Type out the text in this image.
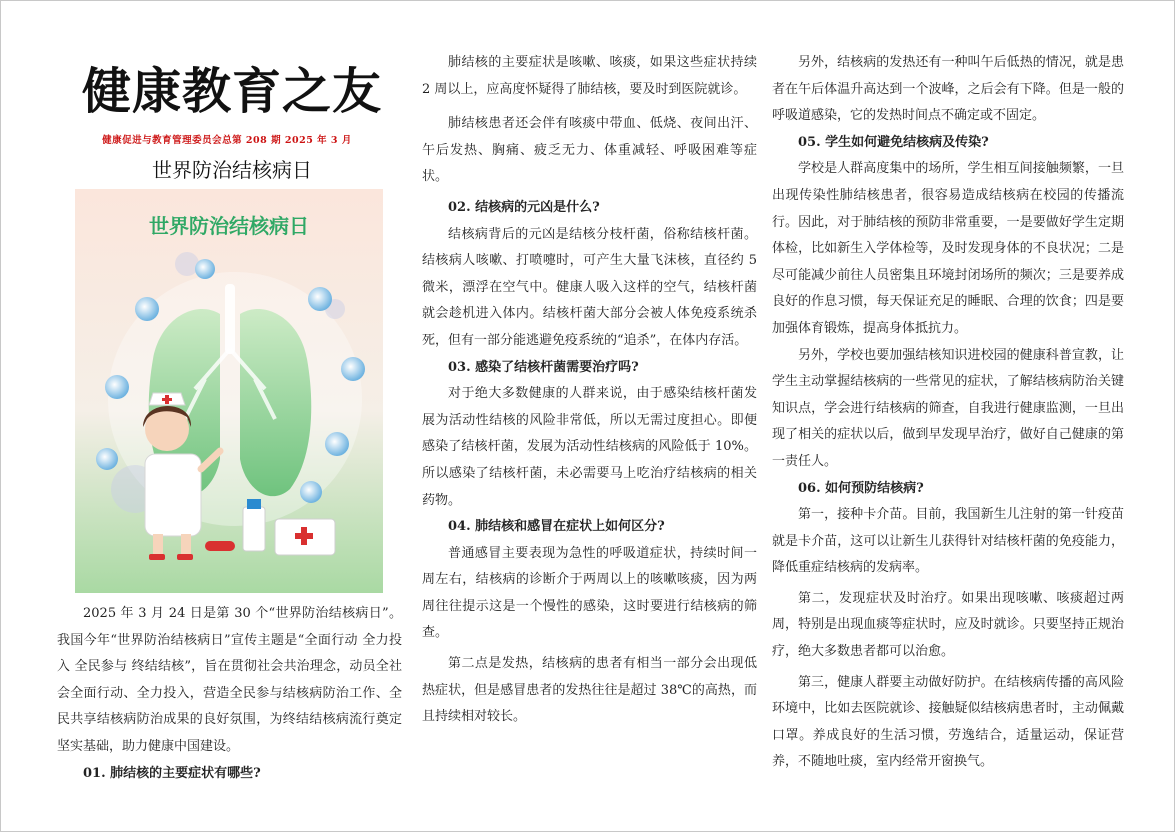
健康教育之友
健康促进与教育管理委员会总第 208 期 2025 年 3 月
世界防治结核病日
世界防治结核病日

2025 年 3 月 24 日是第 30 个“世界防治结核病日”。我国今年“世界防治结核病日”宣传主题是“全面行动 全力投入 全民参与 终结结核”，旨在贯彻社会共治理念，动员全社会全面行动、全力投入，营造全民参与结核病防治工作、全民共享结核病防治成果的良好氛围，为终结结核病流行奠定坚实基础，助力健康中国建设。

01. 肺结核的主要症状有哪些?

肺结核的主要症状是咳嗽、咳痰，如果这些症状持续 2 周以上，应高度怀疑得了肺结核，要及时到医院就诊。

肺结核患者还会伴有咳痰中带血、低烧、夜间出汗、午后发热、胸痛、疲乏无力、体重减轻、呼吸困难等症状。

02. 结核病的元凶是什么?

结核病背后的元凶是结核分枝杆菌，俗称结核杆菌。结核病人咳嗽、打喷嚏时，可产生大量飞沫核，直径约 5 微米，漂浮在空气中。健康人吸入这样的空气，结核杆菌就会趁机进入体内。结核杆菌大部分会被人体免疫系统杀死，但有一部分能逃避免疫系统的“追杀”，在体内存活。

03. 感染了结核杆菌需要治疗吗?

对于绝大多数健康的人群来说，由于感染结核杆菌发展为活动性结核的风险非常低，所以无需过度担心。即便感染了结核杆菌，发展为活动性结核病的风险低于 10%。所以感染了结核杆菌，未必需要马上吃治疗结核病的相关药物。

04. 肺结核和感冒在症状上如何区分?

普通感冒主要表现为急性的呼吸道症状，持续时间一周左右，结核病的诊断介于两周以上的咳嗽咳痰，因为两周往往提示这是一个慢性的感染，这时要进行结核病的筛查。

第二点是发热，结核病的患者有相当一部分会出现低热症状，但是感冒患者的发热往往是超过 38℃的高热，而且持续相对较长。

另外，结核病的发热还有一种叫午后低热的情况，就是患者在午后体温升高达到一个波峰，之后会有下降。但是一般的呼吸道感染，它的发热时间点不确定或不固定。

05. 学生如何避免结核病及传染?

学校是人群高度集中的场所，学生相互间接触频繁，一旦出现传染性肺结核患者，很容易造成结核病在校园的传播流行。因此，对于肺结核的预防非常重要，一是要做好学生定期体检，比如新生入学体检等，及时发现身体的不良状况；二是尽可能减少前往人员密集且环境封闭场所的频次；三是要养成良好的作息习惯，每天保证充足的睡眠、合理的饮食；四是要加强体育锻炼，提高身体抵抗力。

另外，学校也要加强结核知识进校园的健康科普宣教，让学生主动掌握结核病的一些常见的症状，了解结核病防治关键知识点，学会进行结核病的筛查，自我进行健康监测，一旦出现了相关的症状以后，做到早发现早治疗，做好自己健康的第一责任人。

06. 如何预防结核病?

第一，接种卡介苗。目前，我国新生儿注射的第一针疫苗就是卡介苗，这可以让新生儿获得针对结核杆菌的免疫能力，降低重症结核病的发病率。

第二，发现症状及时治疗。如果出现咳嗽、咳痰超过两周，特别是出现血痰等症状时，应及时就诊。只要坚持正规治疗，绝大多数患者都可以治愈。

第三，健康人群要主动做好防护。在结核病传播的高风险环境中，比如去医院就诊、接触疑似结核病患者时，主动佩戴口罩。养成良好的生活习惯，劳逸结合，适量运动，保证营养，不随地吐痰，室内经常开窗换气。
